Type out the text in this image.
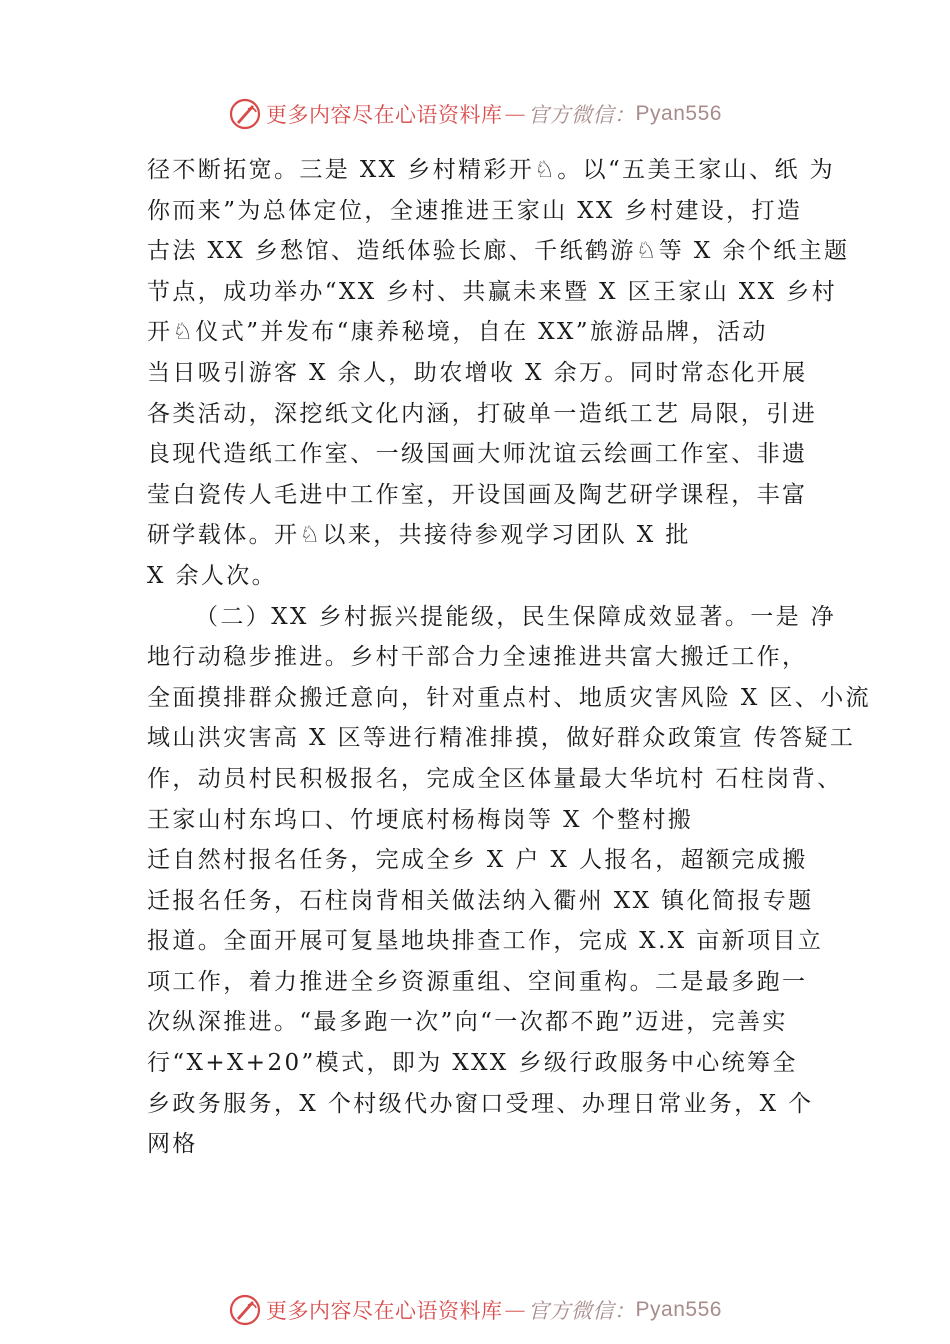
更多内容尽在心语资料库 — 官方微信： Pyan556
径不断拓宽。三是 XX 乡村精彩开♘。以“五美王家山、纸 为
你而来”为总体定位，全速推进王家山 XX 乡村建设，打造
古法 XX 乡愁馆、造纸体验长廊、千纸鹤游♘等 X 余个纸主题
节点，成功举办“XX 乡村、共赢未来暨 X 区王家山 XX 乡村
开♘仪式”并发布“康养秘境，自在 XX”旅游品牌，活动
当日吸引游客 X 余人，助农增收 X 余万。同时常态化开展
各类活动，深挖纸文化内涵，打破单一造纸工艺 局限，引进
良现代造纸工作室、一级国画大师沈谊云绘画工作室、非遗
莹白瓷传人毛进中工作室，开设国画及陶艺研学课程，丰富
研学载体。开♘以来，共接待参观学习团队 X 批
X 余人次。
（二）XX 乡村振兴提能级，民生保障成效显著。一是 净
地行动稳步推进。乡村干部合力全速推进共富大搬迁工作，
全面摸排群众搬迁意向，针对重点村、地质灾害风险 X 区、小流
域山洪灾害高 X 区等进行精准排摸，做好群众政策宣 传答疑工
作，动员村民积极报名，完成全区体量最大华坑村 石柱岗背、
王家山村东坞口、竹埂底村杨梅岗等 X 个整村搬
迁自然村报名任务，完成全乡 X 户 X 人报名，超额完成搬
迁报名任务，石柱岗背相关做法纳入衢州 XX 镇化简报专题
报道。全面开展可复垦地块排查工作，完成 X.X 亩新项目立
项工作，着力推进全乡资源重组、空间重构。二是最多跑一
次纵深推进。“最多跑一次”向“一次都不跑”迈进，完善实
行“X+X+20”模式，即为 XXX 乡级行政服务中心统筹全
乡政务服务，X 个村级代办窗口受理、办理日常业务，X 个
网格
更多内容尽在心语资料库 — 官方微信： Pyan556
